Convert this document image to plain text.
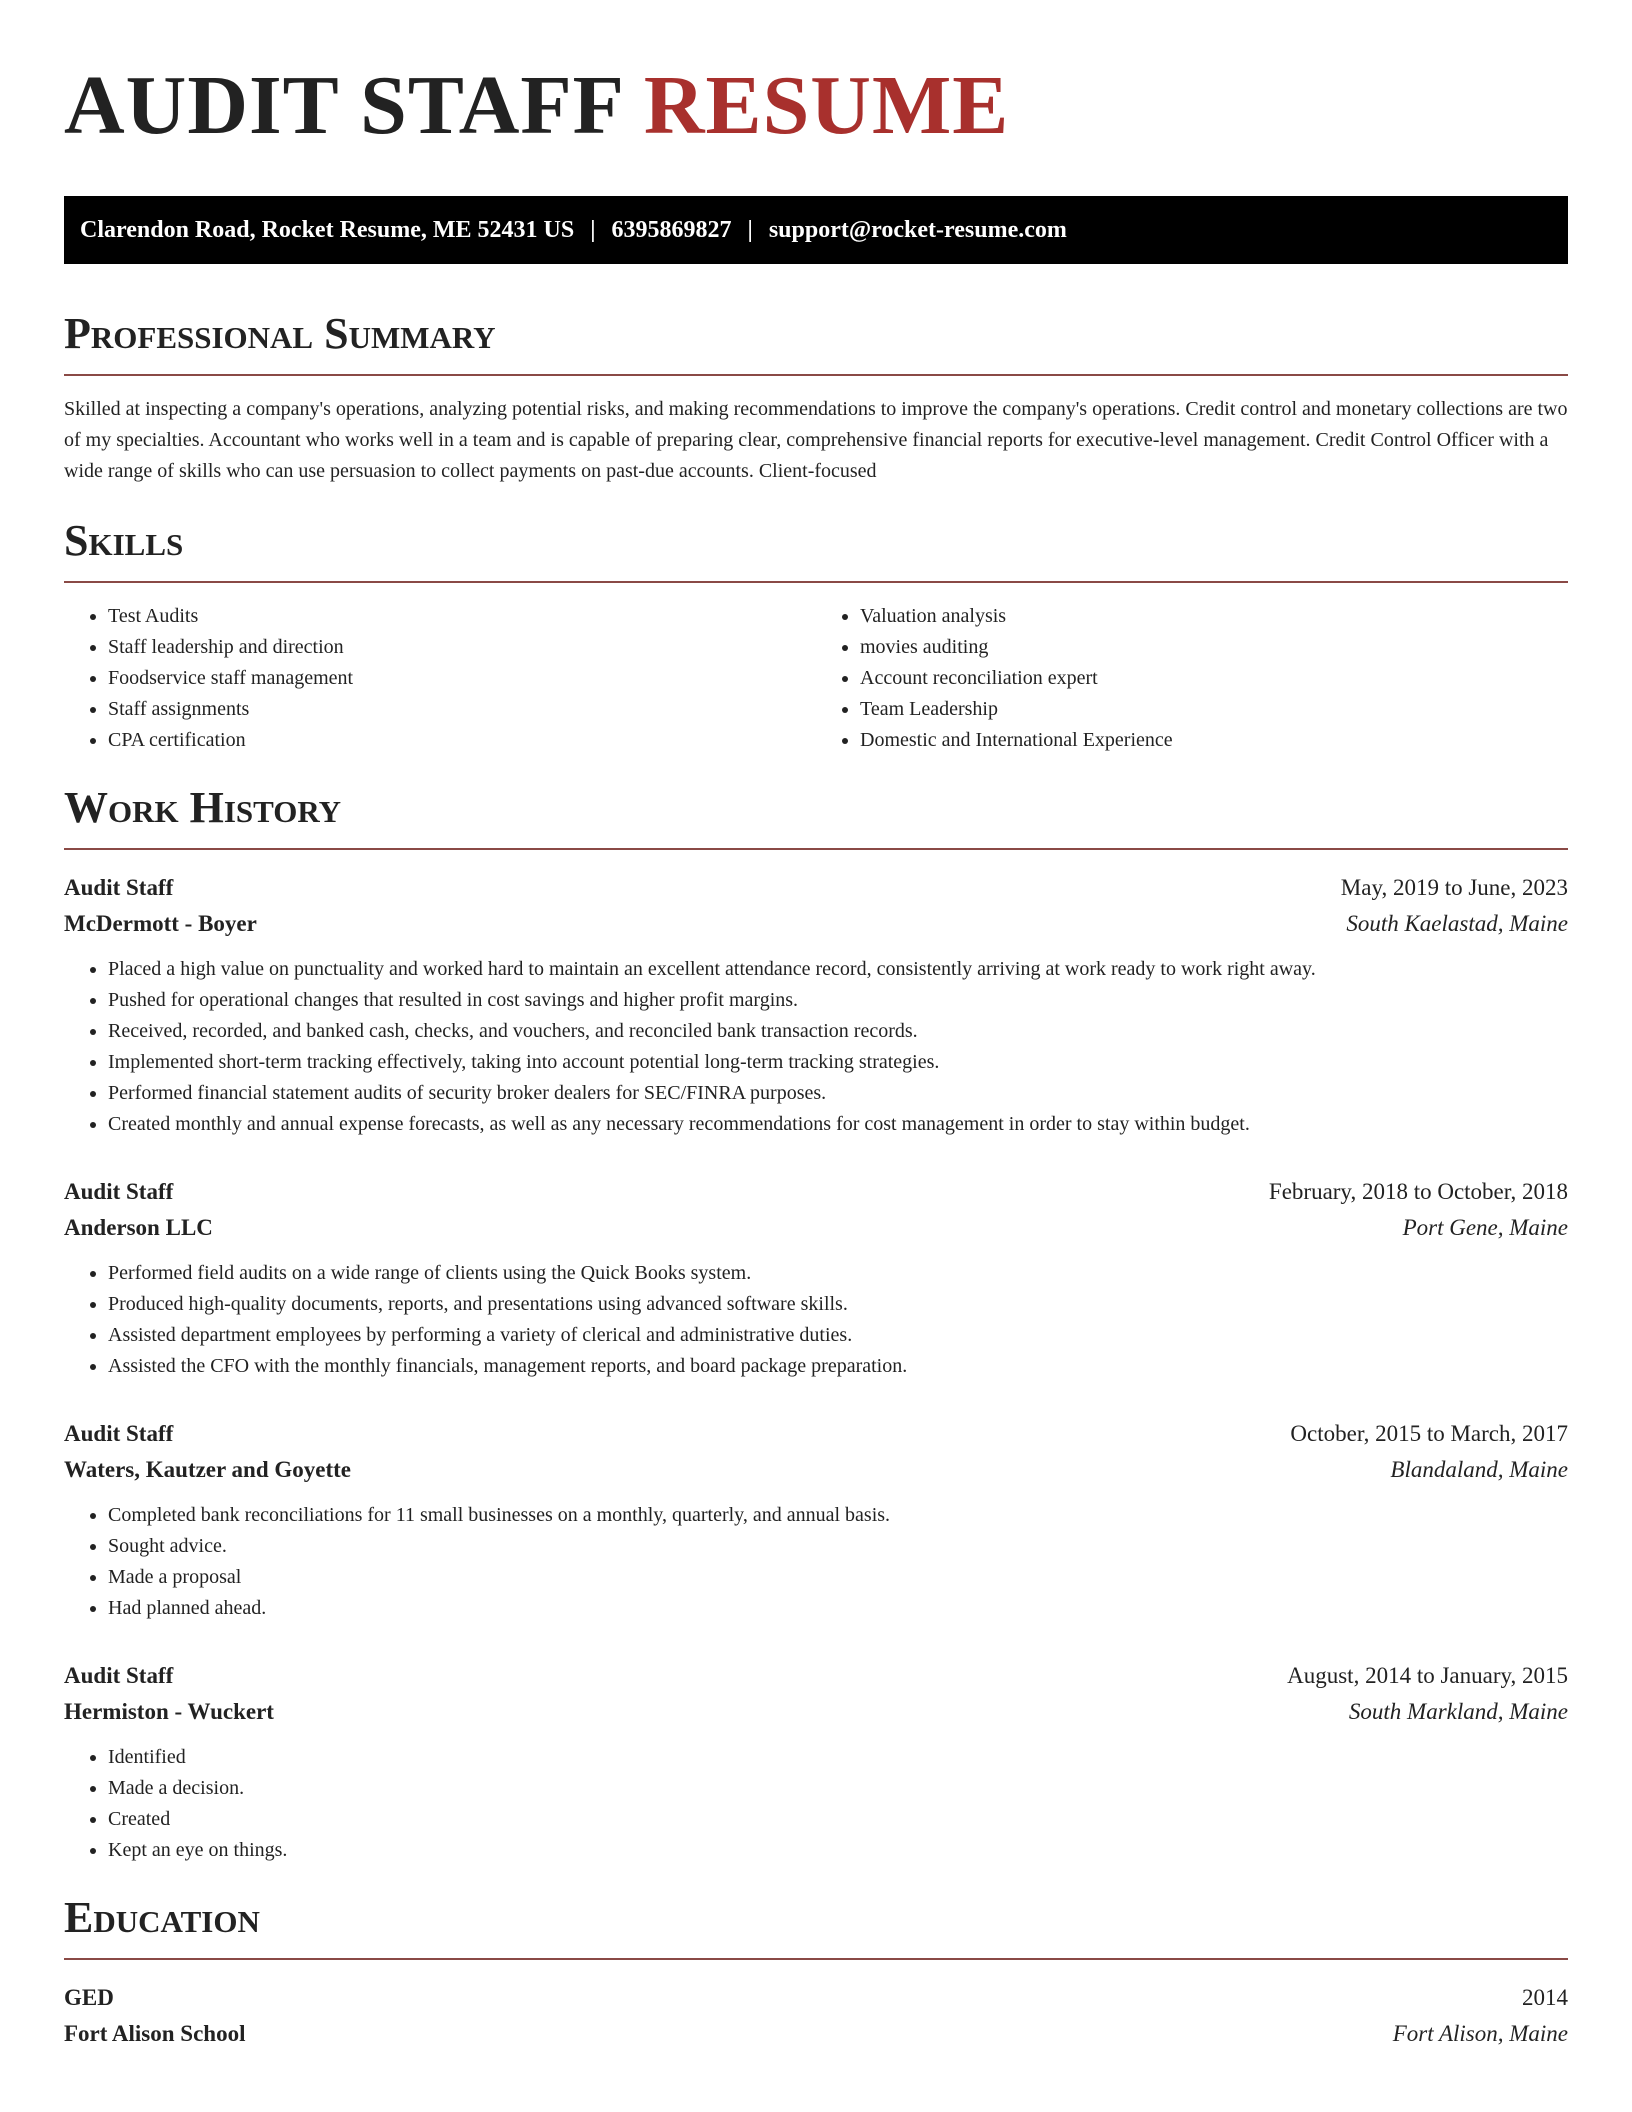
AUDIT STAFF RESUME
Clarendon Road, Rocket Resume, ME 52431 US | 6395869827 | support@rocket-resume.com
Professional Summary

Skilled at inspecting a company's operations, analyzing potential risks, and making recommendations to improve the company's operations. Credit control and monetary collections are two of my specialties. Accountant who works well in a team and is capable of preparing clear, comprehensive financial reports for executive-level management. Credit Control Officer with a wide range of skills who can use persuasion to collect payments on past-due accounts. Client-focused

Skills
• Test Audits
• Staff leadership and direction
• Foodservice staff management
• Staff assignments
• CPA certification
• Valuation analysis
• movies auditing
• Account reconciliation expert
• Team Leadership
• Domestic and International Experience
Work History
Audit Staff	May, 2019 to June, 2023
McDermott - Boyer	South Kaelastad, Maine
• Placed a high value on punctuality and worked hard to maintain an excellent attendance record, consistently arriving at work ready to work right away.
• Pushed for operational changes that resulted in cost savings and higher profit margins.
• Received, recorded, and banked cash, checks, and vouchers, and reconciled bank transaction records.
• Implemented short-term tracking effectively, taking into account potential long-term tracking strategies.
• Performed financial statement audits of security broker dealers for SEC/FINRA purposes.
• Created monthly and annual expense forecasts, as well as any necessary recommendations for cost management in order to stay within budget.
Audit Staff	February, 2018 to October, 2018
Anderson LLC	Port Gene, Maine
• Performed field audits on a wide range of clients using the Quick Books system.
• Produced high-quality documents, reports, and presentations using advanced software skills.
• Assisted department employees by performing a variety of clerical and administrative duties.
• Assisted the CFO with the monthly financials, management reports, and board package preparation.
Audit Staff	October, 2015 to March, 2017
Waters, Kautzer and Goyette	Blandaland, Maine
• Completed bank reconciliations for 11 small businesses on a monthly, quarterly, and annual basis.
• Sought advice.
• Made a proposal
• Had planned ahead.
Audit Staff	August, 2014 to January, 2015
Hermiston - Wuckert	South Markland, Maine
• Identified
• Made a decision.
• Created
• Kept an eye on things.
Education
GED	2014
Fort Alison School	Fort Alison, Maine
